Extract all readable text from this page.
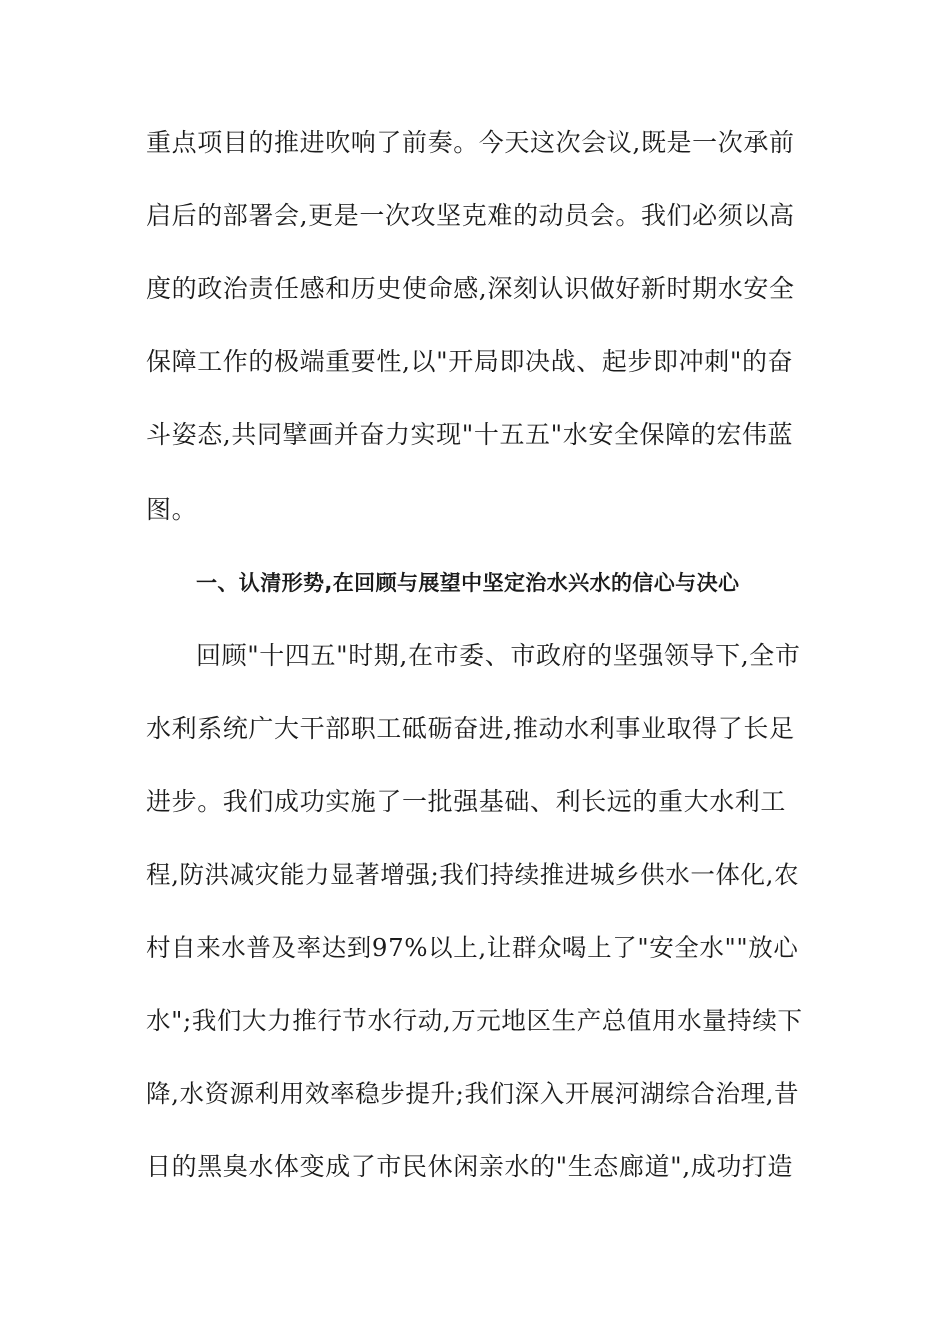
重点项目的推进吹响了前奏。今天这次会议,既是一次承前
启后的部署会,更是一次攻坚克难的动员会。我们必须以高
度的政治责任感和历史使命感,深刻认识做好新时期水安全
保障工作的极端重要性,以"开局即决战、起步即冲刺"的奋
斗姿态,共同擘画并奋力实现"十五五"水安全保障的宏伟蓝
图。
一、认清形势,在回顾与展望中坚定治水兴水的信心与决心
回顾"十四五"时期,在市委、市政府的坚强领导下,全市
水利系统广大干部职工砥砺奋进,推动水利事业取得了长足
进步。我们成功实施了一批强基础、利长远的重大水利工
程,防洪减灾能力显著增强;我们持续推进城乡供水一体化,农
村自来水普及率达到97%以上,让群众喝上了"安全水""放心
水";我们大力推行节水行动,万元地区生产总值用水量持续下
降,水资源利用效率稳步提升;我们深入开展河湖综合治理,昔
日的黑臭水体变成了市民休闲亲水的"生态廊道",成功打造
